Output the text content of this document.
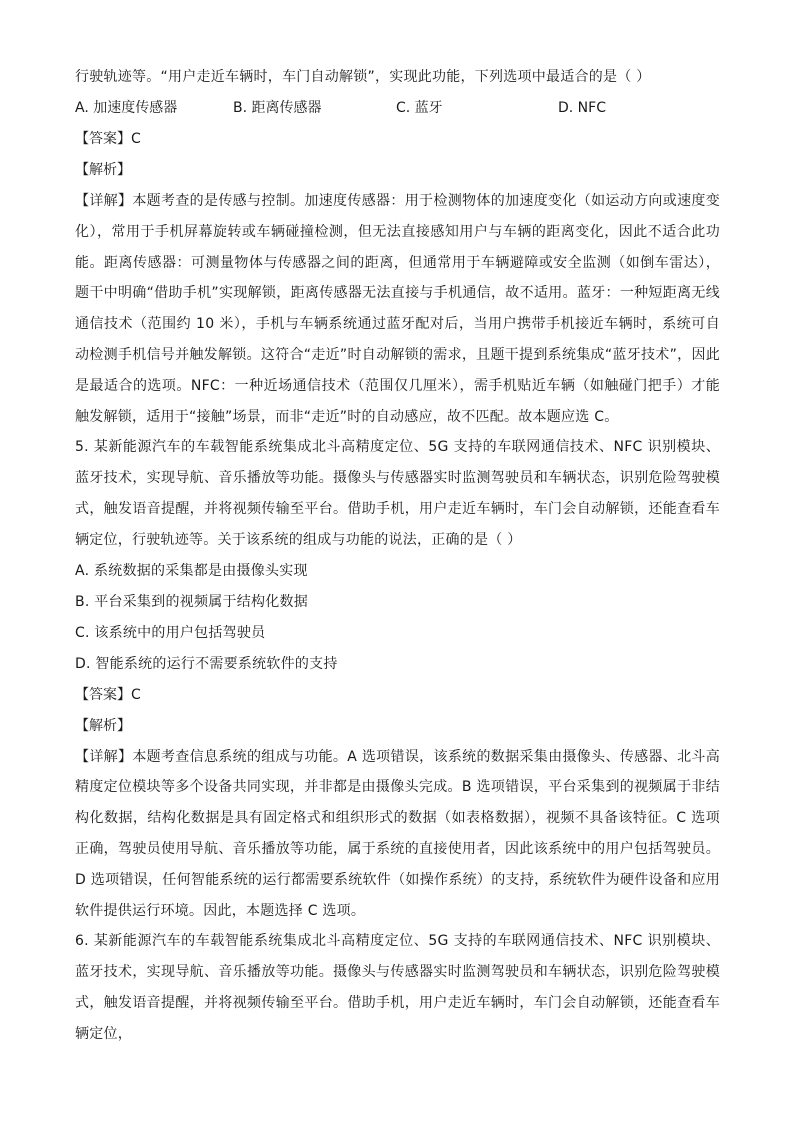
行驶轨迹等。“用户走近车辆时，车门自动解锁”，实现此功能，下列选项中最适合的是（ ）
A. 加速度传感器	B. 距离传感器	C. 蓝牙	D. NFC
【答案】C
【解析】
【详解】本题考查的是传感与控制。加速度传感器：用于检测物体的加速度变化（如运动方向或速度变化），常用于手机屏幕旋转或车辆碰撞检测，但无法直接感知用户与车辆的距离变化，因此不适合此功能。距离传感器：可测量物体与传感器之间的距离，但通常用于车辆避障或安全监测（如倒车雷达），题干中明确“借助手机”实现解锁，距离传感器无法直接与手机通信，故不适用。蓝牙：一种短距离无线通信技术（范围约 10 米），手机与车辆系统通过蓝牙配对后，当用户携带手机接近车辆时，系统可自动检测手机信号并触发解锁。这符合“走近”时自动解锁的需求，且题干提到系统集成“蓝牙技术”，因此是最适合的选项。NFC：一种近场通信技术（范围仅几厘米），需手机贴近车辆（如触碰门把手）才能触发解锁，适用于“接触”场景，而非“走近”时的自动感应，故不匹配。故本题应选 C。
5. 某新能源汽车的车载智能系统集成北斗高精度定位、5G 支持的车联网通信技术、NFC 识别模块、蓝牙技术，实现导航、音乐播放等功能。摄像头与传感器实时监测驾驶员和车辆状态，识别危险驾驶模式，触发语音提醒，并将视频传输至平台。借助手机，用户走近车辆时，车门会自动解锁，还能查看车辆定位，行驶轨迹等。关于该系统的组成与功能的说法，正确的是（ ）
A. 系统数据的采集都是由摄像头实现
B. 平台采集到的视频属于结构化数据
C. 该系统中的用户包括驾驶员
D. 智能系统的运行不需要系统软件的支持
【答案】C
【解析】
【详解】本题考查信息系统的组成与功能。A 选项错误，该系统的数据采集由摄像头、传感器、北斗高精度定位模块等多个设备共同实现，并非都是由摄像头完成。B 选项错误，平台采集到的视频属于非结构化数据，结构化数据是具有固定格式和组织形式的数据（如表格数据），视频不具备该特征。C 选项正确，驾驶员使用导航、音乐播放等功能，属于系统的直接使用者，因此该系统中的用户包括驾驶员。D 选项错误，任何智能系统的运行都需要系统软件（如操作系统）的支持，系统软件为硬件设备和应用软件提供运行环境。因此，本题选择 C 选项。
6. 某新能源汽车的车载智能系统集成北斗高精度定位、5G 支持的车联网通信技术、NFC 识别模块、蓝牙技术，实现导航、音乐播放等功能。摄像头与传感器实时监测驾驶员和车辆状态，识别危险驾驶模式，触发语音提醒，并将视频传输至平台。借助手机，用户走近车辆时，车门会自动解锁，还能查看车辆定位，
